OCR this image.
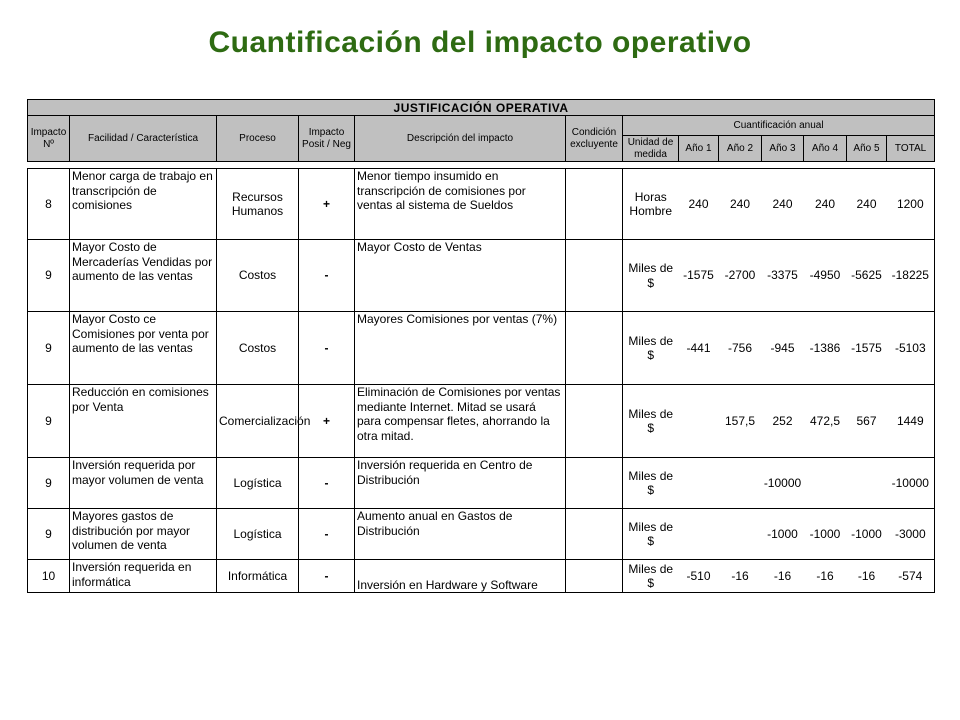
Cuantificación del impacto operativo
JUSTIFICACIÓN OPERATIVA												
Impacto Nº	Facilidad / Característica	Proceso	Impacto Posit / Neg	Descripción del impacto	Condición excluyente	Cuantificación anual						
						Unidad de medida	Año 1	Año 2	Año 3	Año 4	Año 5	TOTAL

8	Menor carga de trabajo en transcripción de comisiones	Recursos Humanos	+	Menor tiempo insumido en transcripción de comisiones por ventas al sistema de Sueldos		Horas Hombre	240	240	240	240	240	1200
9	Mayor Costo de Mercaderías Vendidas por aumento de las ventas	Costos	-	Mayor Costo de Ventas		Miles de $	-1575	-2700	-3375	-4950	-5625	-18225
9	Mayor Costo ce Comisiones por venta por aumento de las ventas	Costos	-	Mayores Comisiones por ventas (7%)		Miles de $	-441	-756	-945	-1386	-1575	-5103
9	Reducción en comisiones por Venta	Comercialización	+	Eliminación de Comisiones por ventas mediante Internet. Mitad se usará para compensar fletes, ahorrando la otra mitad.		Miles de $		157,5	252	472,5	567	1449
9	Inversión requerida por mayor volumen de venta	Logística	-	Inversión requerida en Centro de Distribución		Miles de $			-10000			-10000
9	Mayores gastos de distribución por mayor volumen de venta	Logística	-	Aumento anual en Gastos de Distribución		Miles de $			-1000	-1000	-1000	-3000
10	Inversión requerida en informática	Informática	-	Inversión en Hardware y Software		Miles de $	-510	-16	-16	-16	-16	-574
